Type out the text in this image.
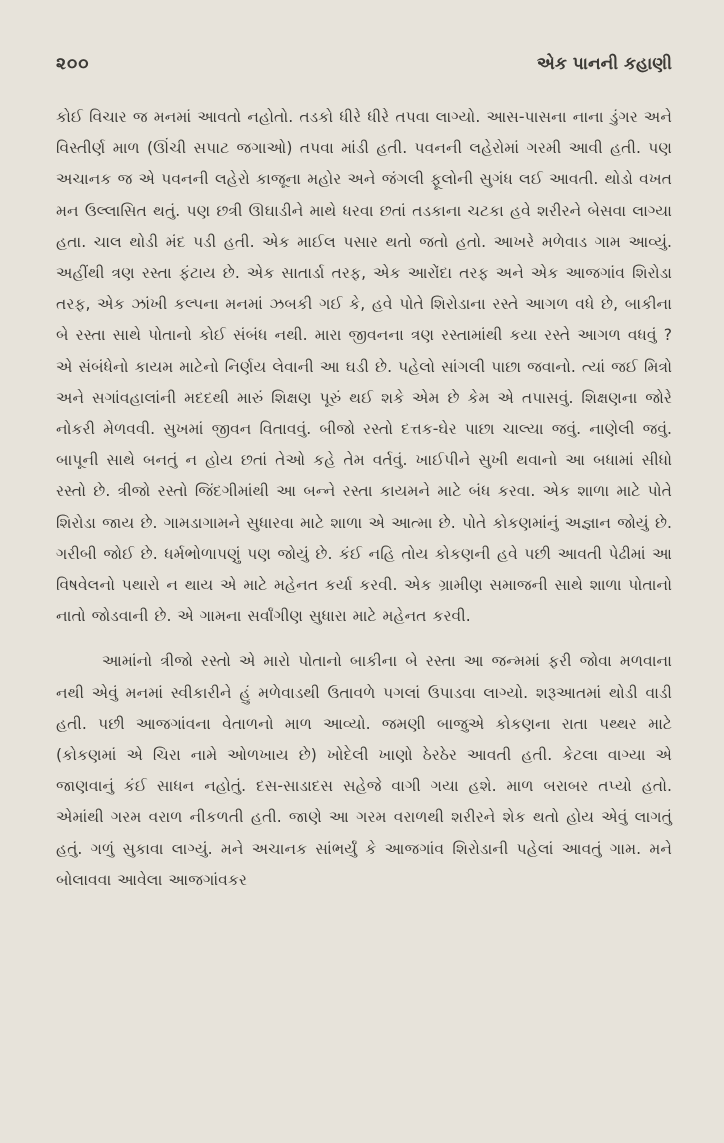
૨૦૦	એક પાનની કહાણી

કોઈ વિચાર જ મનમાં આવતો નહોતો. તડકો ધીરે ધીરે તપવા લાગ્યો. આસ-પાસના નાના ડુંગર અને વિસ્તીર્ણ માળ (ઊંચી સપાટ જગાઓ) તપવા માંડી હતી. પવનની લહેરોમાં ગરમી આવી હતી. પણ અચાનક જ એ પવનની લહેરો કાજૂના મહોર અને જંગલી ફૂલોની સુગંધ લઈ આવતી. થોડો વખત મન ઉલ્લાસિત થતું. પણ છત્રી ઊઘાડીને માથે ધરવા છતાં તડકાના ચટકા હવે શરીરને બેસવા લાગ્યા હતા. ચાલ થોડી મંદ પડી હતી. એક માઈલ પસાર થતો જતો હતો. આખરે મળેવાડ ગામ આવ્યું. અહીંથી ત્રણ રસ્તા ફંટાય છે. એક સાતાર્ડા તરફ, એક આરોંદા તરફ અને એક આજગાંવ શિરોડા તરફ, એક ઝાંખી કલ્પના મનમાં ઝબકી ગઈ કે, હવે પોતે શિરોડાના રસ્તે આગળ વધે છે, બાકીના બે રસ્તા સાથે પોતાનો કોઈ સંબંધ નથી. મારા જીવનના ત્રણ રસ્તામાંથી કયા રસ્તે આગળ વધવું ? એ સંબંધેનો કાયમ માટેનો નિર્ણય લેવાની આ ઘડી છે. પહેલો સાંગલી પાછા જવાનો. ત્યાં જઈ મિત્રો અને સગાંવહાલાંની મદદથી મારું શિક્ષણ પૂરું થઈ શકે એમ છે કેમ એ તપાસવું. શિક્ષણના જોરે નોકરી મેળવવી. સુખમાં જીવન વિતાવવું. બીજો રસ્તો દત્તક-ઘેર પાછા ચાલ્યા જવું. નાણેલી જવું. બાપૂની સાથે બનતું ન હોય છતાં તેઓ કહે તેમ વર્તવું. ખાઈપીને સુખી થવાનો આ બધામાં સીધો રસ્તો છે. ત્રીજો રસ્તો જિંદગીમાંથી આ બન્ને રસ્તા કાયમને માટે બંધ કરવા. એક શાળા માટે પોતે શિરોડા જાય છે. ગામડાગામને સુધારવા માટે શાળા એ આત્મા છે. પોતે કોકણમાંનું અજ્ઞાન જોયું છે. ગરીબી જોઈ છે. ધર્મભોળાપણું પણ જોયું છે. કંઈ નહિ તોય કોકણની હવે પછી આવતી પેઢીમાં આ વિષવેલનો પથારો ન થાય એ માટે મહેનત કર્યા કરવી. એક ગ્રામીણ સમાજની સાથે શાળા પોતાનો નાતો જોડવાની છે. એ ગામના સર્વાંગીણ સુધારા માટે મહેનત કરવી.

આમાંનો ત્રીજો રસ્તો એ મારો પોતાનો બાકીના બે રસ્તા આ જન્મમાં ફરી જોવા મળવાના નથી એવું મનમાં સ્વીકારીને હું મળેવાડથી ઉતાવળે પગલાં ઉપાડવા લાગ્યો. શરૂઆતમાં થોડી વાડી હતી. પછી આજગાંવના વેતાળનો માળ આવ્યો. જમણી બાજુએ કોકણના રાતા પથ્થર માટે (કોકણમાં એ ચિરા નામે ઓળખાય છે) ખોદેલી ખાણો ઠેરઠેર આવતી હતી. કેટલા વાગ્યા એ જાણવાનું કંઈ સાધન નહોતું. દસ-સાડાદસ સહેજે વાગી ગયા હશે. માળ બરાબર તપ્યો હતો. એમાંથી ગરમ વરાળ નીકળતી હતી. જાણે આ ગરમ વરાળથી શરીરને શેક થતો હોય એવું લાગતું હતું. ગળું સુકાવા લાગ્યું. મને અચાનક સાંભર્યું કે આજગાંવ શિરોડાની પહેલાં આવતું ગામ. મને બોલાવવા આવેલા આજગાંવકર
